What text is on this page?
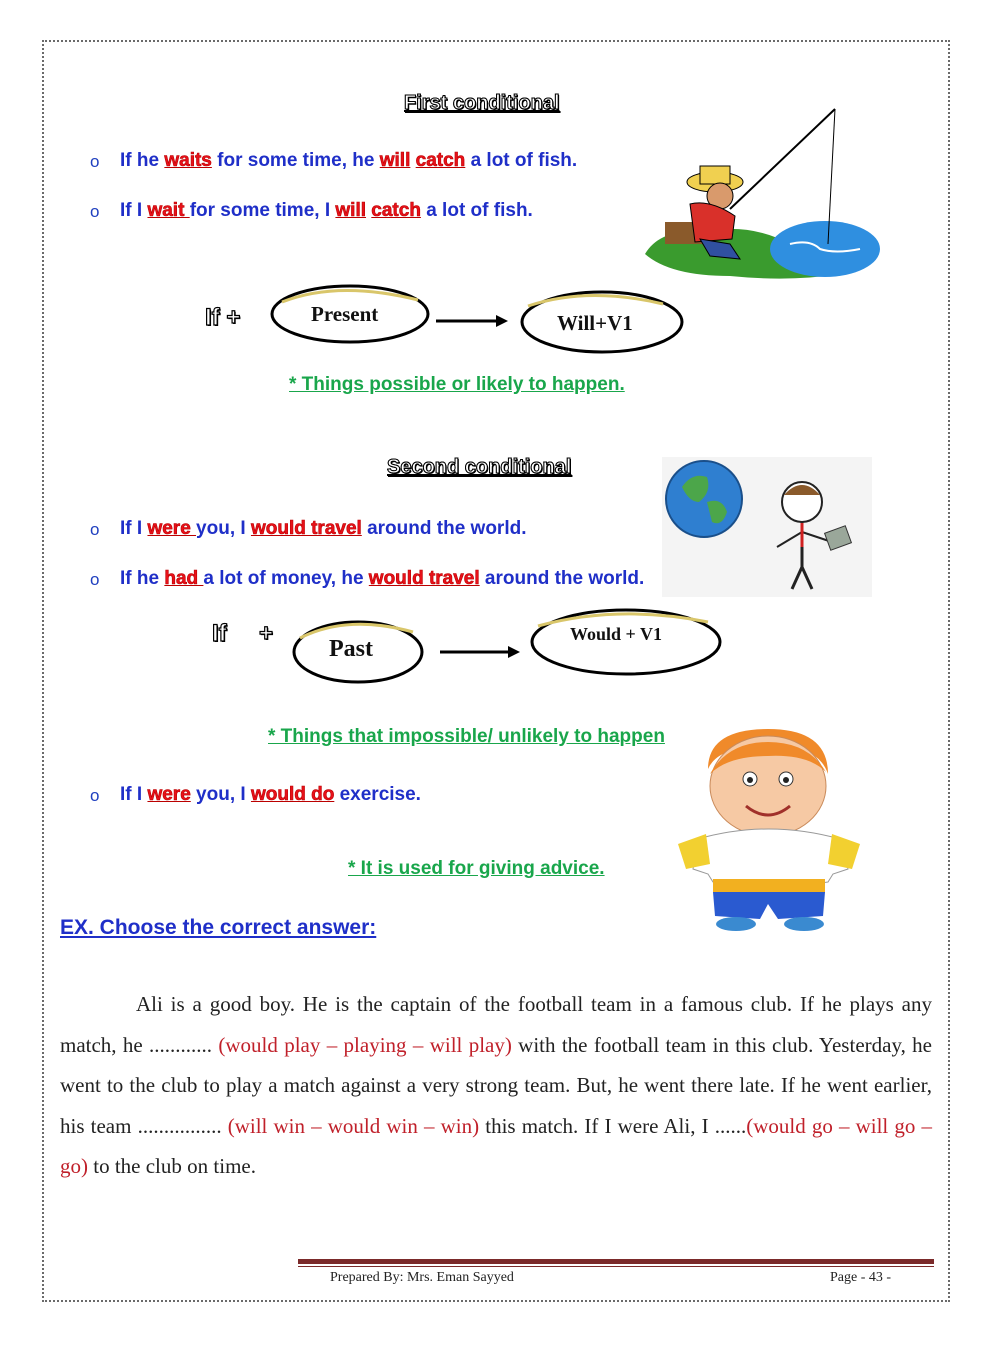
First conditional
o If he waits for some time, he will catch a lot of fish.
o If I wait for some time, I will catch a lot of fish.
If +	Present	Will+V1
* Things possible or likely to happen.
Second conditional
o If I were you, I would travel around the world.
o If he had a lot of money, he would travel around the world.
If +
Past
Would + V1
* Things that impossible/ unlikely to happen
o If I were you, I would do exercise.
* It is used for giving advice.
EX. Choose the correct answer:
Ali is a good boy. He is the captain of the football team in a famous club. If he plays any match, he ............ (would play – playing – will play) with the football team in this club. Yesterday, he went to the club to play a match against a very strong team. But, he went there late. If he went earlier, his team ................ (will win – would win – win) this match. If I were Ali, I ......(would go – will go – go) to the club on time.
Prepared By: Mrs. Eman Sayyed	Page - 43 -
